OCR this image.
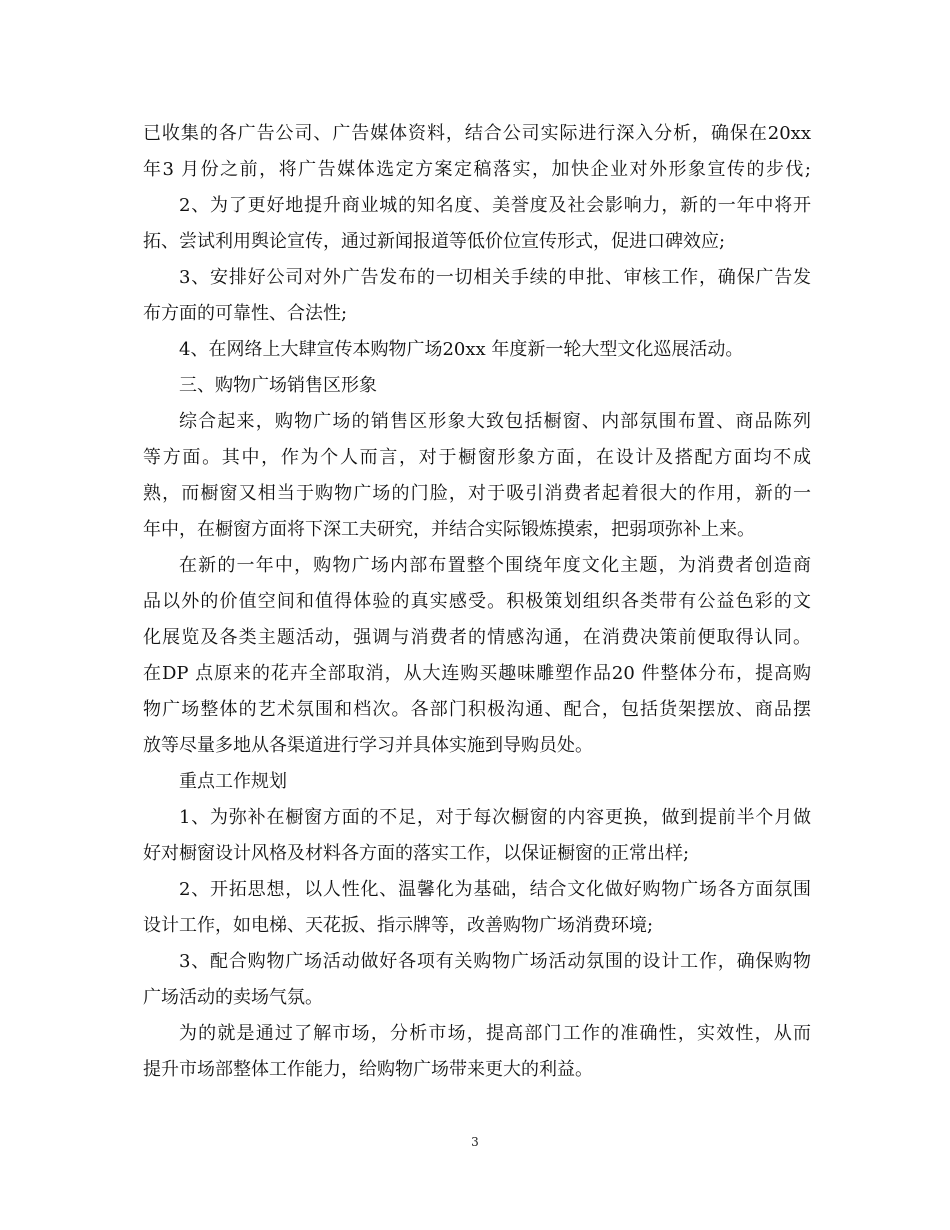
已收集的各广告公司、广告媒体资料，结合公司实际进行深入分析，确保在20xx
年3 月份之前，将广告媒体选定方案定稿落实，加快企业对外形象宣传的步伐;
2、为了更好地提升商业城的知名度、美誉度及社会影响力，新的一年中将开
拓、尝试利用舆论宣传，通过新闻报道等低价位宣传形式，促进口碑效应;
3、安排好公司对外广告发布的一切相关手续的申批、审核工作，确保广告发
布方面的可靠性、合法性;
4、在网络上大肆宣传本购物广场20xx 年度新一轮大型文化巡展活动。
三、购物广场销售区形象
综合起来，购物广场的销售区形象大致包括橱窗、内部氛围布置、商品陈列
等方面。其中，作为个人而言，对于橱窗形象方面，在设计及搭配方面均不成
熟，而橱窗又相当于购物广场的门脸，对于吸引消费者起着很大的作用，新的一
年中，在橱窗方面将下深工夫研究，并结合实际锻炼摸索，把弱项弥补上来。
在新的一年中，购物广场内部布置整个围绕年度文化主题，为消费者创造商
品以外的价值空间和值得体验的真实感受。积极策划组织各类带有公益色彩的文
化展览及各类主题活动，强调与消费者的情感沟通，在消费决策前便取得认同。
在DP 点原来的花卉全部取消，从大连购买趣味雕塑作品20 件整体分布，提高购
物广场整体的艺术氛围和档次。各部门积极沟通、配合，包括货架摆放、商品摆
放等尽量多地从各渠道进行学习并具体实施到导购员处。
重点工作规划
1、为弥补在橱窗方面的不足，对于每次橱窗的内容更换，做到提前半个月做
好对橱窗设计风格及材料各方面的落实工作，以保证橱窗的正常出样;
2、开拓思想，以人性化、温馨化为基础，结合文化做好购物广场各方面氛围
设计工作，如电梯、天花扳、指示牌等，改善购物广场消费环境;
3、配合购物广场活动做好各项有关购物广场活动氛围的设计工作，确保购物
广场活动的卖场气氛。
为的就是通过了解市场，分析市场，提高部门工作的准确性，实效性，从而
提升市场部整体工作能力，给购物广场带来更大的利益。
3
